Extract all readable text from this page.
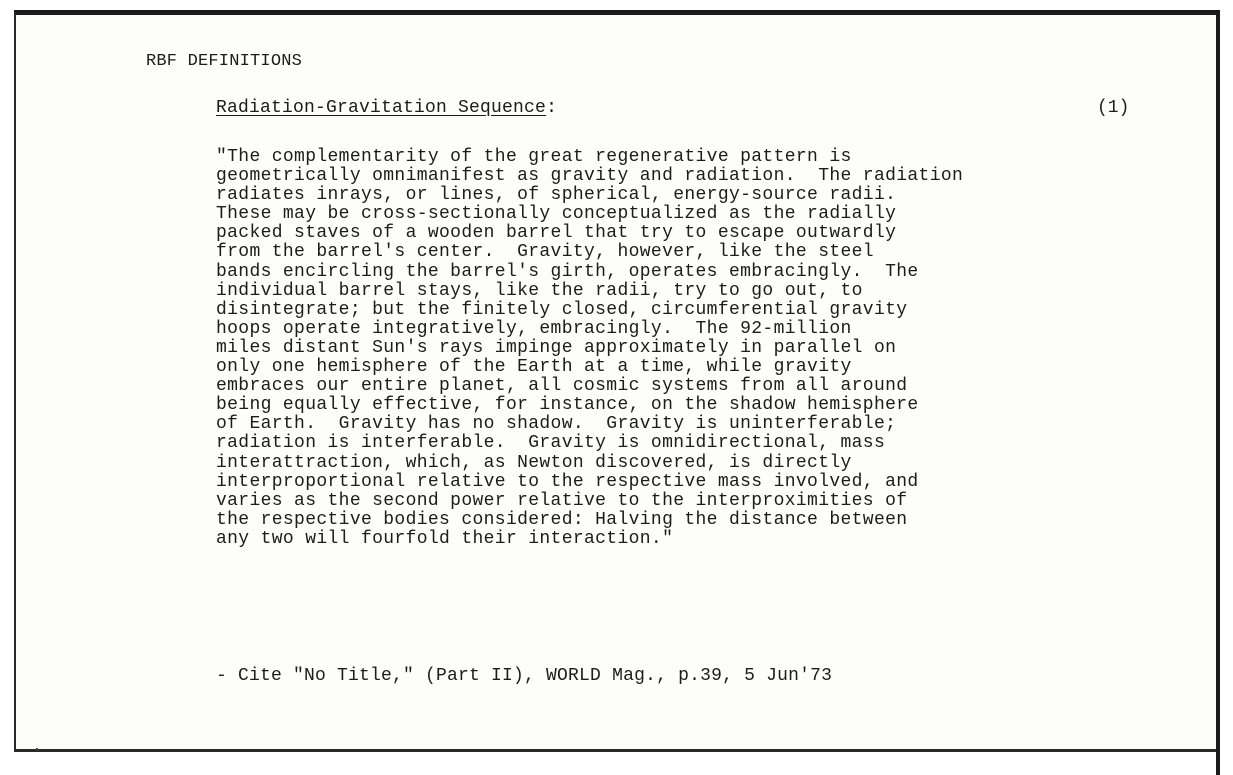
RBF DEFINITIONS
Radiation-Gravitation Sequence:	(1)
"The complementarity of the great regenerative pattern is
geometrically omnimanifest as gravity and radiation.  The radiation
radiates inrays, or lines, of spherical, energy-source radii.
These may be cross-sectionally conceptualized as the radially
packed staves of a wooden barrel that try to escape outwardly
from the barrel's center.  Gravity, however, like the steel
bands encircling the barrel's girth, operates embracingly.  The
individual barrel stays, like the radii, try to go out, to
disintegrate; but the finitely closed, circumferential gravity
hoops operate integratively, embracingly.  The 92-million
miles distant Sun's rays impinge approximately in parallel on
only one hemisphere of the Earth at a time, while gravity
embraces our entire planet, all cosmic systems from all around
being equally effective, for instance, on the shadow hemisphere
of Earth.  Gravity has no shadow.  Gravity is uninterferable;
radiation is interferable.  Gravity is omnidirectional, mass
interattraction, which, as Newton discovered, is directly
interproportional relative to the respective mass involved, and
varies as the second power relative to the interproximities of
the respective bodies considered: Halving the distance between
any two will fourfold their interaction."
- Cite "No Title," (Part II), WORLD Mag., p.39, 5 Jun'73
